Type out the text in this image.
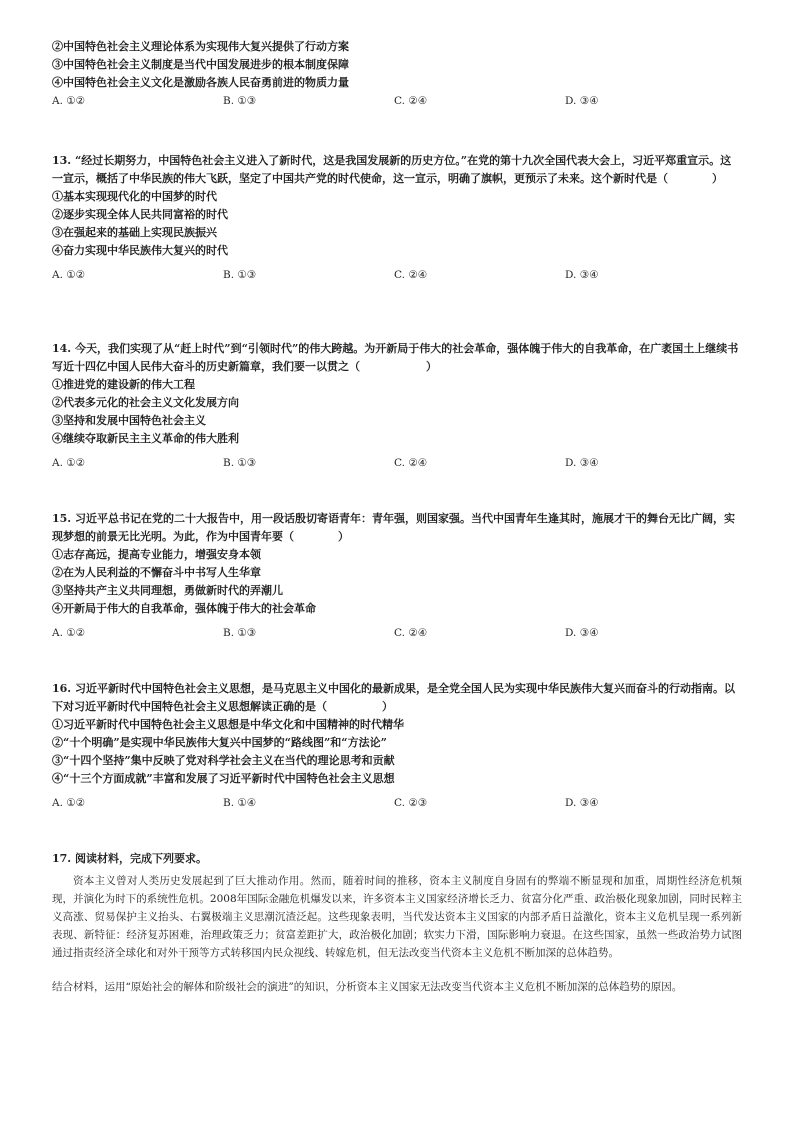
②中国特色社会主义理论体系为实现伟大复兴提供了行动方案
③中国特色社会主义制度是当代中国发展进步的根本制度保障
④中国特色社会主义文化是激励各族人民奋勇前进的物质力量
A. ①②	B. ①③	C. ②④	D. ③④
13. “经过长期努力，中国特色社会主义进入了新时代，这是我国发展新的历史方位。”在党的第十九次全国代表大会上，习近平郑重宣示。这一宣示，概括了中华民族的伟大飞跃，坚定了中国共产党的时代使命，这一宣示，明确了旗帜，更预示了未来。这个新时代是（　　　　）
①基本实现现代化的中国梦的时代
②逐步实现全体人民共同富裕的时代
③在强起来的基础上实现民族振兴
④奋力实现中华民族伟大复兴的时代
A. ①②	B. ①③	C. ②④	D. ③④
14. 今天，我们实现了从“赶上时代”到“引领时代”的伟大跨越。为开新局于伟大的社会革命，强体魄于伟大的自我革命，在广袤国土上继续书写近十四亿中国人民伟大奋斗的历史新篇章，我们要一以贯之（　　　　　　）
①推进党的建设新的伟大工程
②代表多元化的社会主义文化发展方向
③坚持和发展中国特色社会主义
④继续夺取新民主主义革命的伟大胜利
A. ①②	B. ①③	C. ②④	D. ③④
15. 习近平总书记在党的二十大报告中，用一段话殷切寄语青年：青年强，则国家强。当代中国青年生逢其时，施展才干的舞台无比广阔，实现梦想的前景无比光明。为此，作为中国青年要（　　　　）
①志存高远，提高专业能力，增强安身本领
②在为人民利益的不懈奋斗中书写人生华章
③坚持共产主义共同理想，勇做新时代的弄潮儿
④开新局于伟大的自我革命，强体魄于伟大的社会革命
A. ①②	B. ①③	C. ②④	D. ③④
16. 习近平新时代中国特色社会主义思想，是马克思主义中国化的最新成果，是全党全国人民为实现中华民族伟大复兴而奋斗的行动指南。以下对习近平新时代中国特色社会主义思想解读正确的是（　　　　　）
①习近平新时代中国特色社会主义思想是中华文化和中国精神的时代精华
②“十个明确”是实现中华民族伟大复兴中国梦的“路线图”和“方法论”
③“十四个坚持”集中反映了党对科学社会主义在当代的理论思考和贡献
④“十三个方面成就”丰富和发展了习近平新时代中国特色社会主义思想
A. ①②	B. ①④	C. ②③	D. ③④
17. 阅读材料，完成下列要求。
资本主义曾对人类历史发展起到了巨大推动作用。然而，随着时间的推移，资本主义制度自身固有的弊端不断显现和加重，周期性经济危机频现，并演化为时下的系统性危机。2008年国际金融危机爆发以来，许多资本主义国家经济增长乏力、贫富分化严重、政治极化现象加剧，同时民粹主义高涨、贸易保护主义抬头、右翼极端主义思潮沉渣泛起。这些现象表明，当代发达资本主义国家的内部矛盾日益激化，资本主义危机呈现一系列新表现、新特征：经济复苏困难，治理政策乏力；贫富差距扩大，政治极化加剧；软实力下滑，国际影响力衰退。在这些国家，虽然一些政治势力试图通过指责经济全球化和对外干预等方式转移国内民众视线、转嫁危机，但无法改变当代资本主义危机不断加深的总体趋势。
结合材料，运用“原始社会的解体和阶级社会的演进”的知识，分析资本主义国家无法改变当代资本主义危机不断加深的总体趋势的原因。
